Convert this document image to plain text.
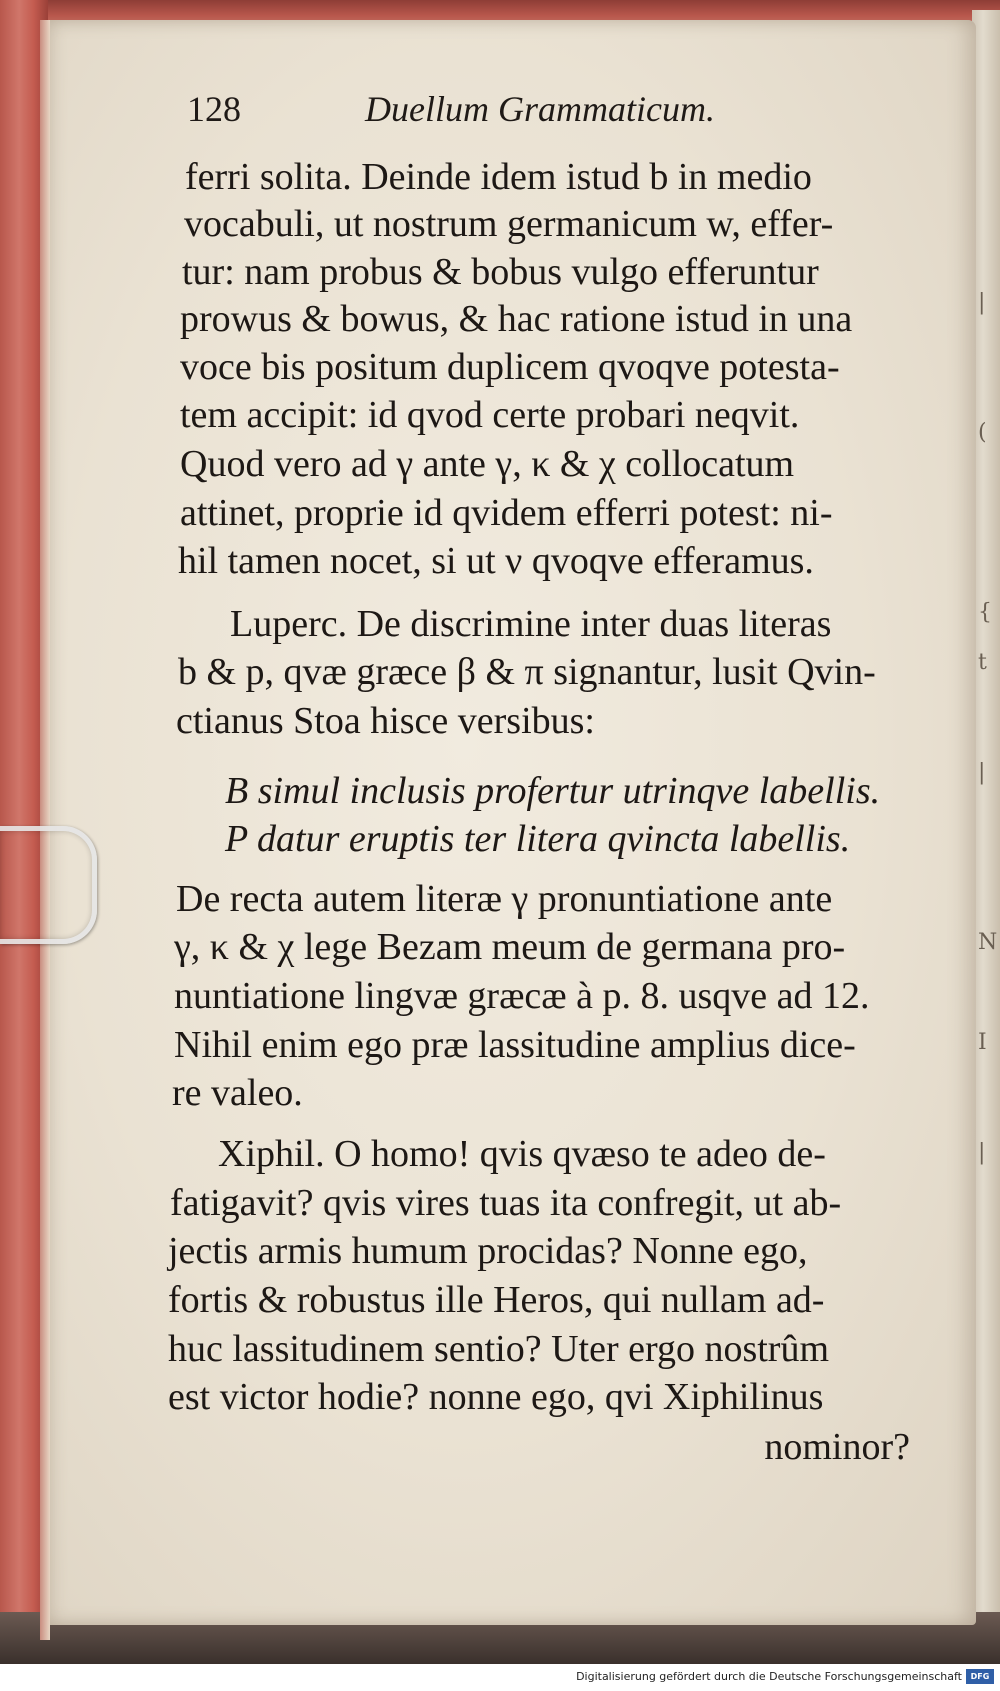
|
(
{
t
|
N
I
|
128	Duellum Grammaticum.
ferri solita. Deinde idem istud b in medio
vocabuli, ut nostrum germanicum w, effer-
tur: nam probus & bobus vulgo efferuntur
prowus & bowus, & hac ratione istud in una
voce bis positum duplicem qvoqve potesta-
tem accipit: id qvod certe probari neqvit.
Quod vero ad γ ante γ, κ & χ collocatum
attinet, proprie id qvidem efferri potest: ni-
hil tamen nocet, si ut ν qvoqve efferamus.
Luperc. De discrimine inter duas literas
b & p, qvæ græce β & π signantur, lusit Qvin-
ctianus Stoa hisce versibus:
B simul inclusis profertur utrinqve labellis.
P datur eruptis ter litera qvincta labellis.
De recta autem literæ γ pronuntiatione ante
γ, κ & χ lege Bezam meum de germana pro-
nuntiatione lingvæ græcæ à p. 8. usqve ad 12.
Nihil enim ego præ lassitudine amplius dice-
re valeo.
Xiphil. O homo! qvis qvæso te adeo de-
fatigavit? qvis vires tuas ita confregit, ut ab-
jectis armis humum procidas? Nonne ego,
fortis & robustus ille Heros, qui nullam ad-
huc lassitudinem sentio? Uter ergo nostrûm
est victor hodie? nonne ego, qvi Xiphilinus
nominor?
Digitalisierung gefördert durch die Deutsche Forschungsgemeinschaft	DFG
